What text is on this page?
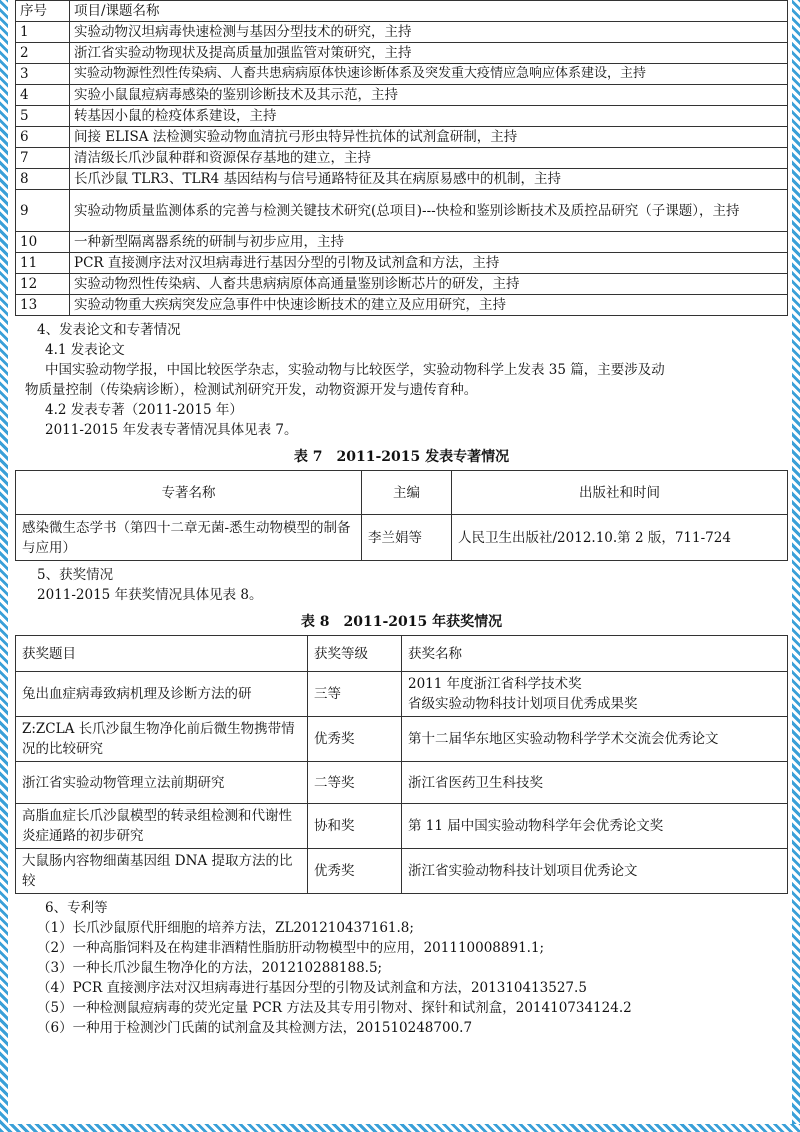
序号	项目/课题名称
1	实验动物汉坦病毒快速检测与基因分型技术的研究，主持
2	浙江省实验动物现状及提高质量加强监管对策研究，主持
3	实验动物源性烈性传染病、人畜共患病病原体快速诊断体系及突发重大疫情应急响应体系建设，主持
4	实验小鼠鼠痘病毒感染的鉴别诊断技术及其示范，主持
5	转基因小鼠的检疫体系建设，主持
6	间接 ELISA 法检测实验动物血清抗弓形虫特异性抗体的试剂盒研制，主持
7	清洁级长爪沙鼠种群和资源保存基地的建立，主持
8	长爪沙鼠 TLR3、TLR4 基因结构与信号通路特征及其在病原易感中的机制，主持
9	实验动物质量监测体系的完善与检测关键技术研究(总项目)---快检和鉴别诊断技术及质控品研究（子课题），主持
10	一种新型隔离器系统的研制与初步应用，主持
11	PCR 直接测序法对汉坦病毒进行基因分型的引物及试剂盒和方法，主持
12	实验动物烈性传染病、人畜共患病病原体高通量鉴别诊断芯片的研发，主持
13	实验动物重大疾病突发应急事件中快速诊断技术的建立及应用研究，主持
4、发表论文和专著情况
4.1 发表论文
中国实验动物学报，中国比较医学杂志，实验动物与比较医学，实验动物科学上发表 35 篇，主要涉及动
物质量控制（传染病诊断），检测试剂研究开发，动物资源开发与遗传育种。
4.2 发表专著（2011-2015 年）
2011-2015 年发表专著情况具体见表 7。
表 7　2011-2015 发表专著情况
专著名称	主编	出版社和时间
感染微生态学书（第四十二章无菌-悉生动物模型的制备与应用）	李兰娟等	人民卫生出版社/2012.10.第 2 版，711-724
5、获奖情况
2011-2015 年获奖情况具体见表 8。
表 8　2011-2015 年获奖情况
获奖题目	获奖等级	获奖名称
兔出血症病毒致病机理及诊断方法的研	三等	2011 年度浙江省科学技术奖
省级实验动物科技计划项目优秀成果奖
Z:ZCLA 长爪沙鼠生物净化前后微生物携带情况的比较研究	优秀奖	第十二届华东地区实验动物科学学术交流会优秀论文
浙江省实验动物管理立法前期研究	二等奖	浙江省医药卫生科技奖
高脂血症长爪沙鼠模型的转录组检测和代谢性炎症通路的初步研究	协和奖	第 11 届中国实验动物科学年会优秀论文奖
大鼠肠内容物细菌基因组 DNA 提取方法的比较	优秀奖	浙江省实验动物科技计划项目优秀论文
6、专利等
（1）长爪沙鼠原代肝细胞的培养方法，ZL201210437161.8;
（2）一种高脂饲料及在构建非酒精性脂肪肝动物模型中的应用，201110008891.1;
（3）一种长爪沙鼠生物净化的方法，201210288188.5;
（4）PCR 直接测序法对汉坦病毒进行基因分型的引物及试剂盒和方法，201310413527.5
（5）一种检测鼠痘病毒的荧光定量 PCR 方法及其专用引物对、探针和试剂盒，201410734124.2
（6）一种用于检测沙门氏菌的试剂盒及其检测方法，201510248700.7
